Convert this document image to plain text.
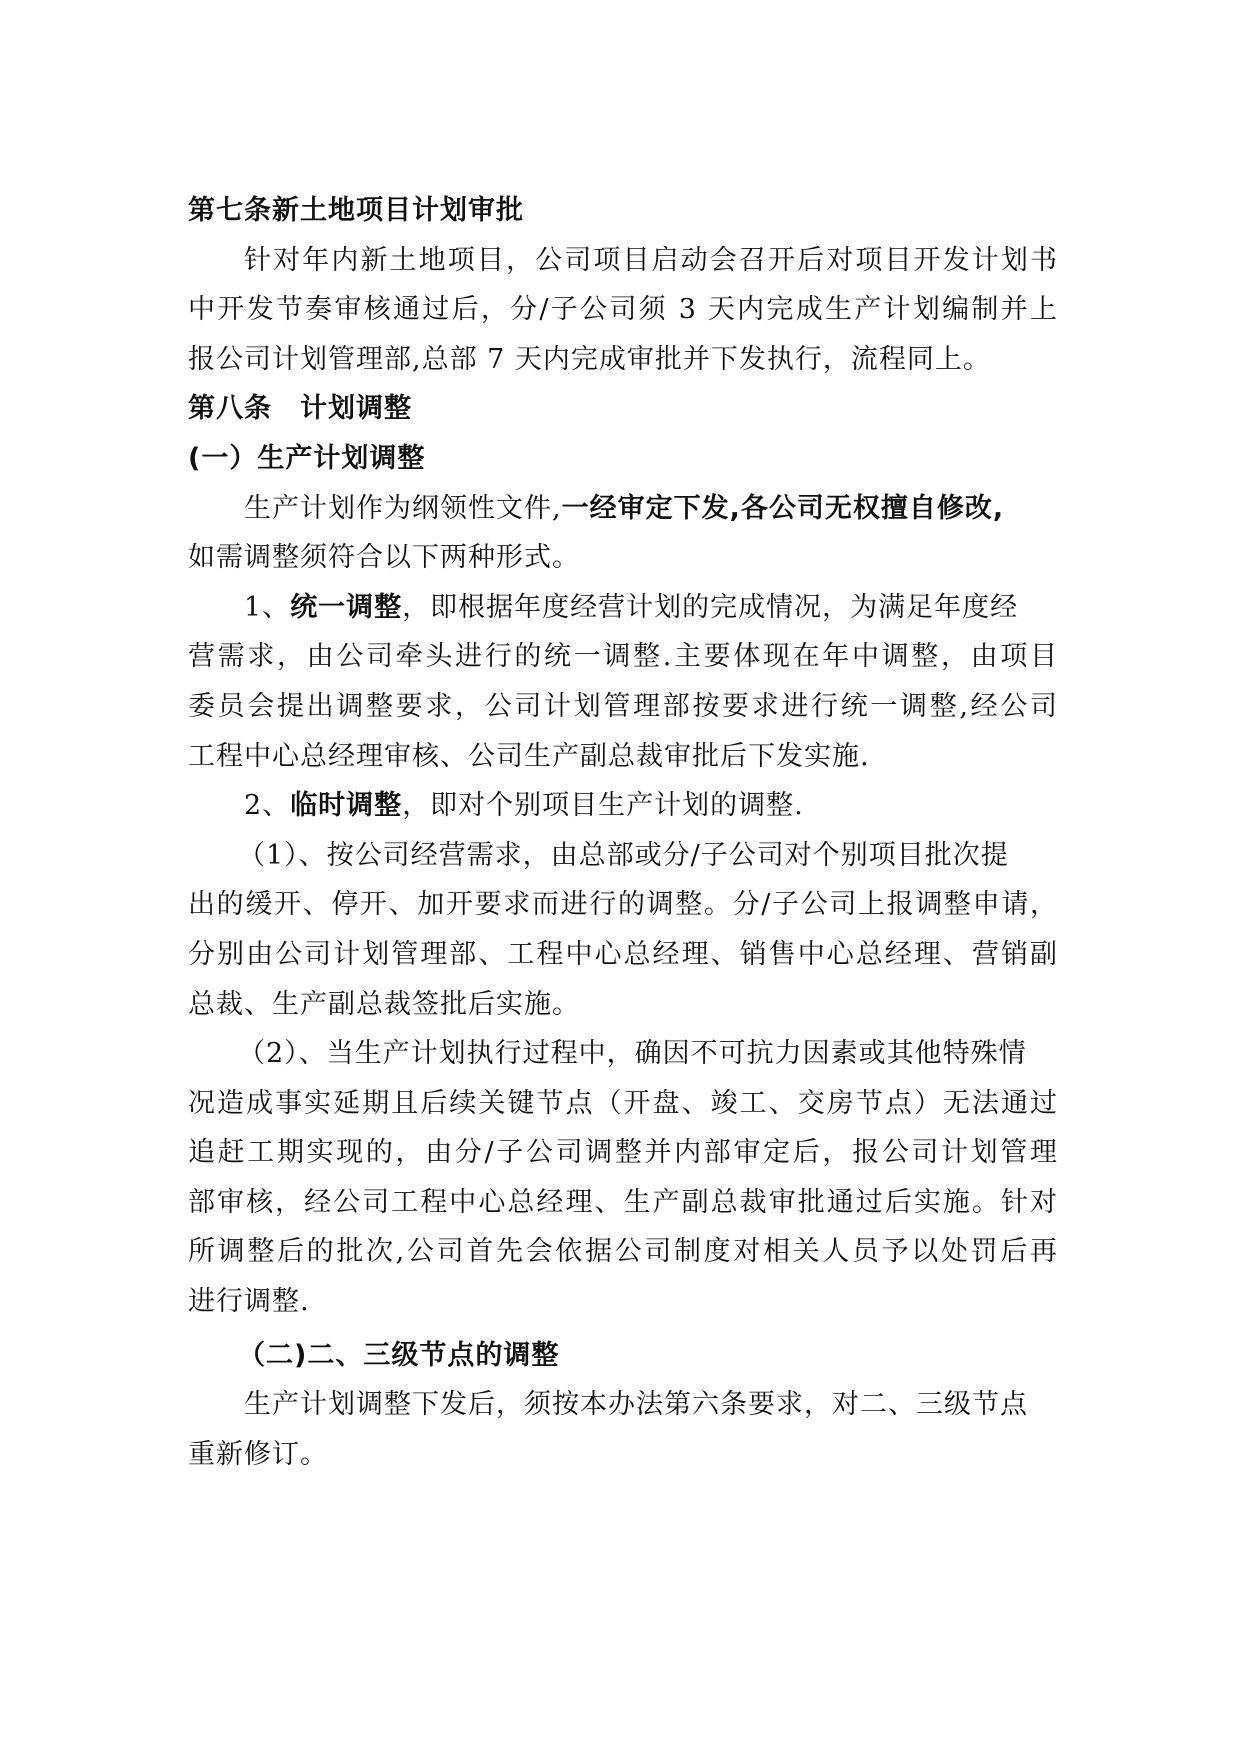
第七条新土地项目计划审批
针对年内新土地项目，公司项目启动会召开后对项目开发计划书
中开发节奏审核通过后，分/子公司须 3 天内完成生产计划编制并上
报公司计划管理部,总部 7 天内完成审批并下发执行，流程同上。
第八条　计划调整
(一）生产计划调整
生产计划作为纲领性文件,一经审定下发,各公司无权擅自修改,
如需调整须符合以下两种形式。
1、统一调整，即根据年度经营计划的完成情况，为满足年度经
营需求，由公司牵头进行的统一调整.主要体现在年中调整，由项目
委员会提出调整要求，公司计划管理部按要求进行统一调整,经公司
工程中心总经理审核、公司生产副总裁审批后下发实施.
2、临时调整，即对个别项目生产计划的调整.
（1）、按公司经营需求，由总部或分/子公司对个别项目批次提
出的缓开、停开、加开要求而进行的调整。分/子公司上报调整申请，
分别由公司计划管理部、工程中心总经理、销售中心总经理、营销副
总裁、生产副总裁签批后实施。
（2）、当生产计划执行过程中，确因不可抗力因素或其他特殊情
况造成事实延期且后续关键节点（开盘、竣工、交房节点）无法通过
追赶工期实现的，由分/子公司调整并内部审定后，报公司计划管理
部审核，经公司工程中心总经理、生产副总裁审批通过后实施。针对
所调整后的批次,公司首先会依据公司制度对相关人员予以处罚后再
进行调整.
（二)二、三级节点的调整
生产计划调整下发后，须按本办法第六条要求，对二、三级节点
重新修订。
